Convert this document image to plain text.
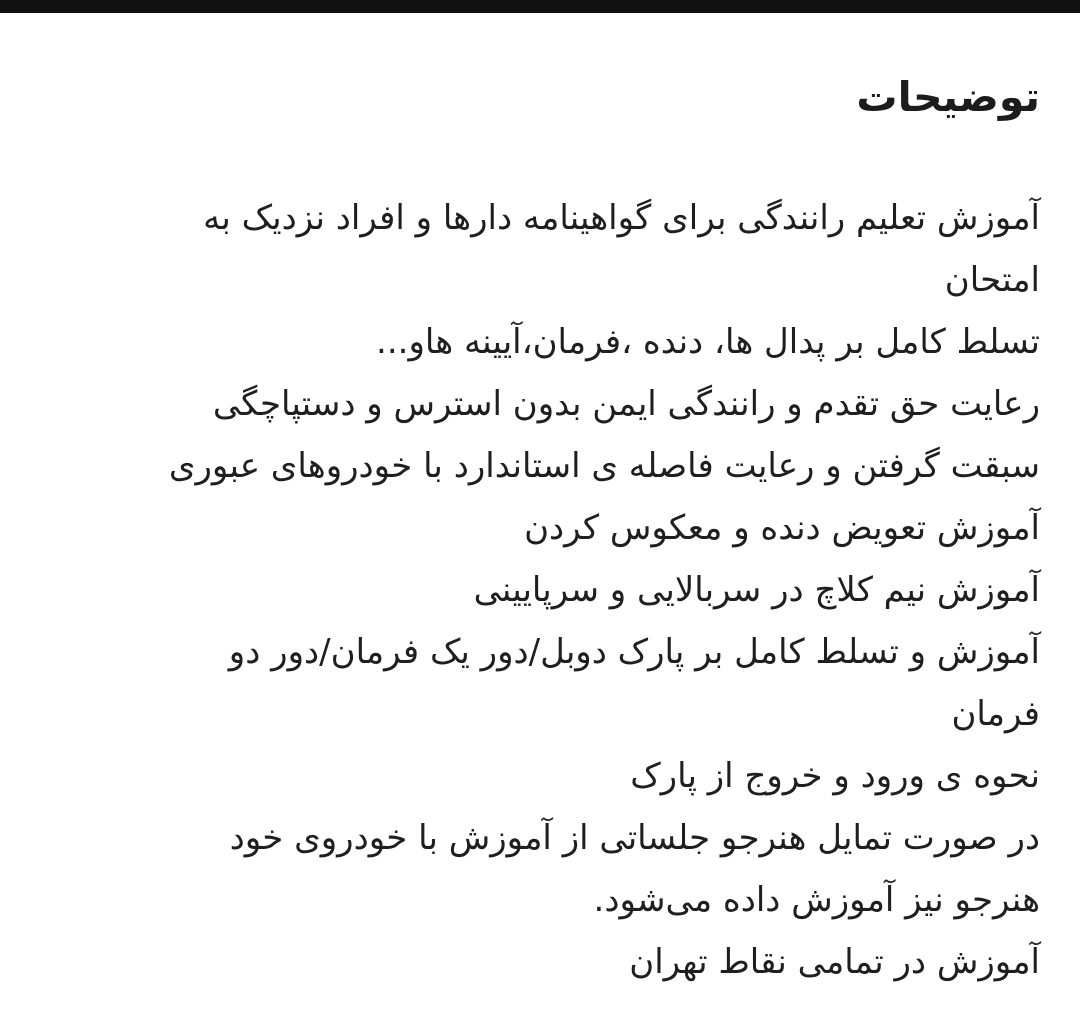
توضیحات
آموزش تعلیم رانندگی برای گواهینامه دارها و افراد نزدیک به
امتحان
تسلط کامل بر پدال ها، دنده ،فرمان،آیینه هاو...
رعایت حق تقدم و رانندگی ایمن بدون استرس و دستپاچگی
سبقت گرفتن و رعایت فاصله ی استاندارد با خودروهای عبوری
آموزش تعویض دنده و معکوس کردن
آموزش نیم کلاچ در سربالایی و سرپایینی
آموزش و تسلط کامل بر پارک دوبل/دور یک فرمان/دور دو
فرمان
نحوه ی ورود و خروج از پارک
در صورت تمایل هنرجو جلساتی از آموزش با خودروی خود
هنرجو نیز آموزش داده می‌شود.
آموزش در تمامی نقاط تهران
